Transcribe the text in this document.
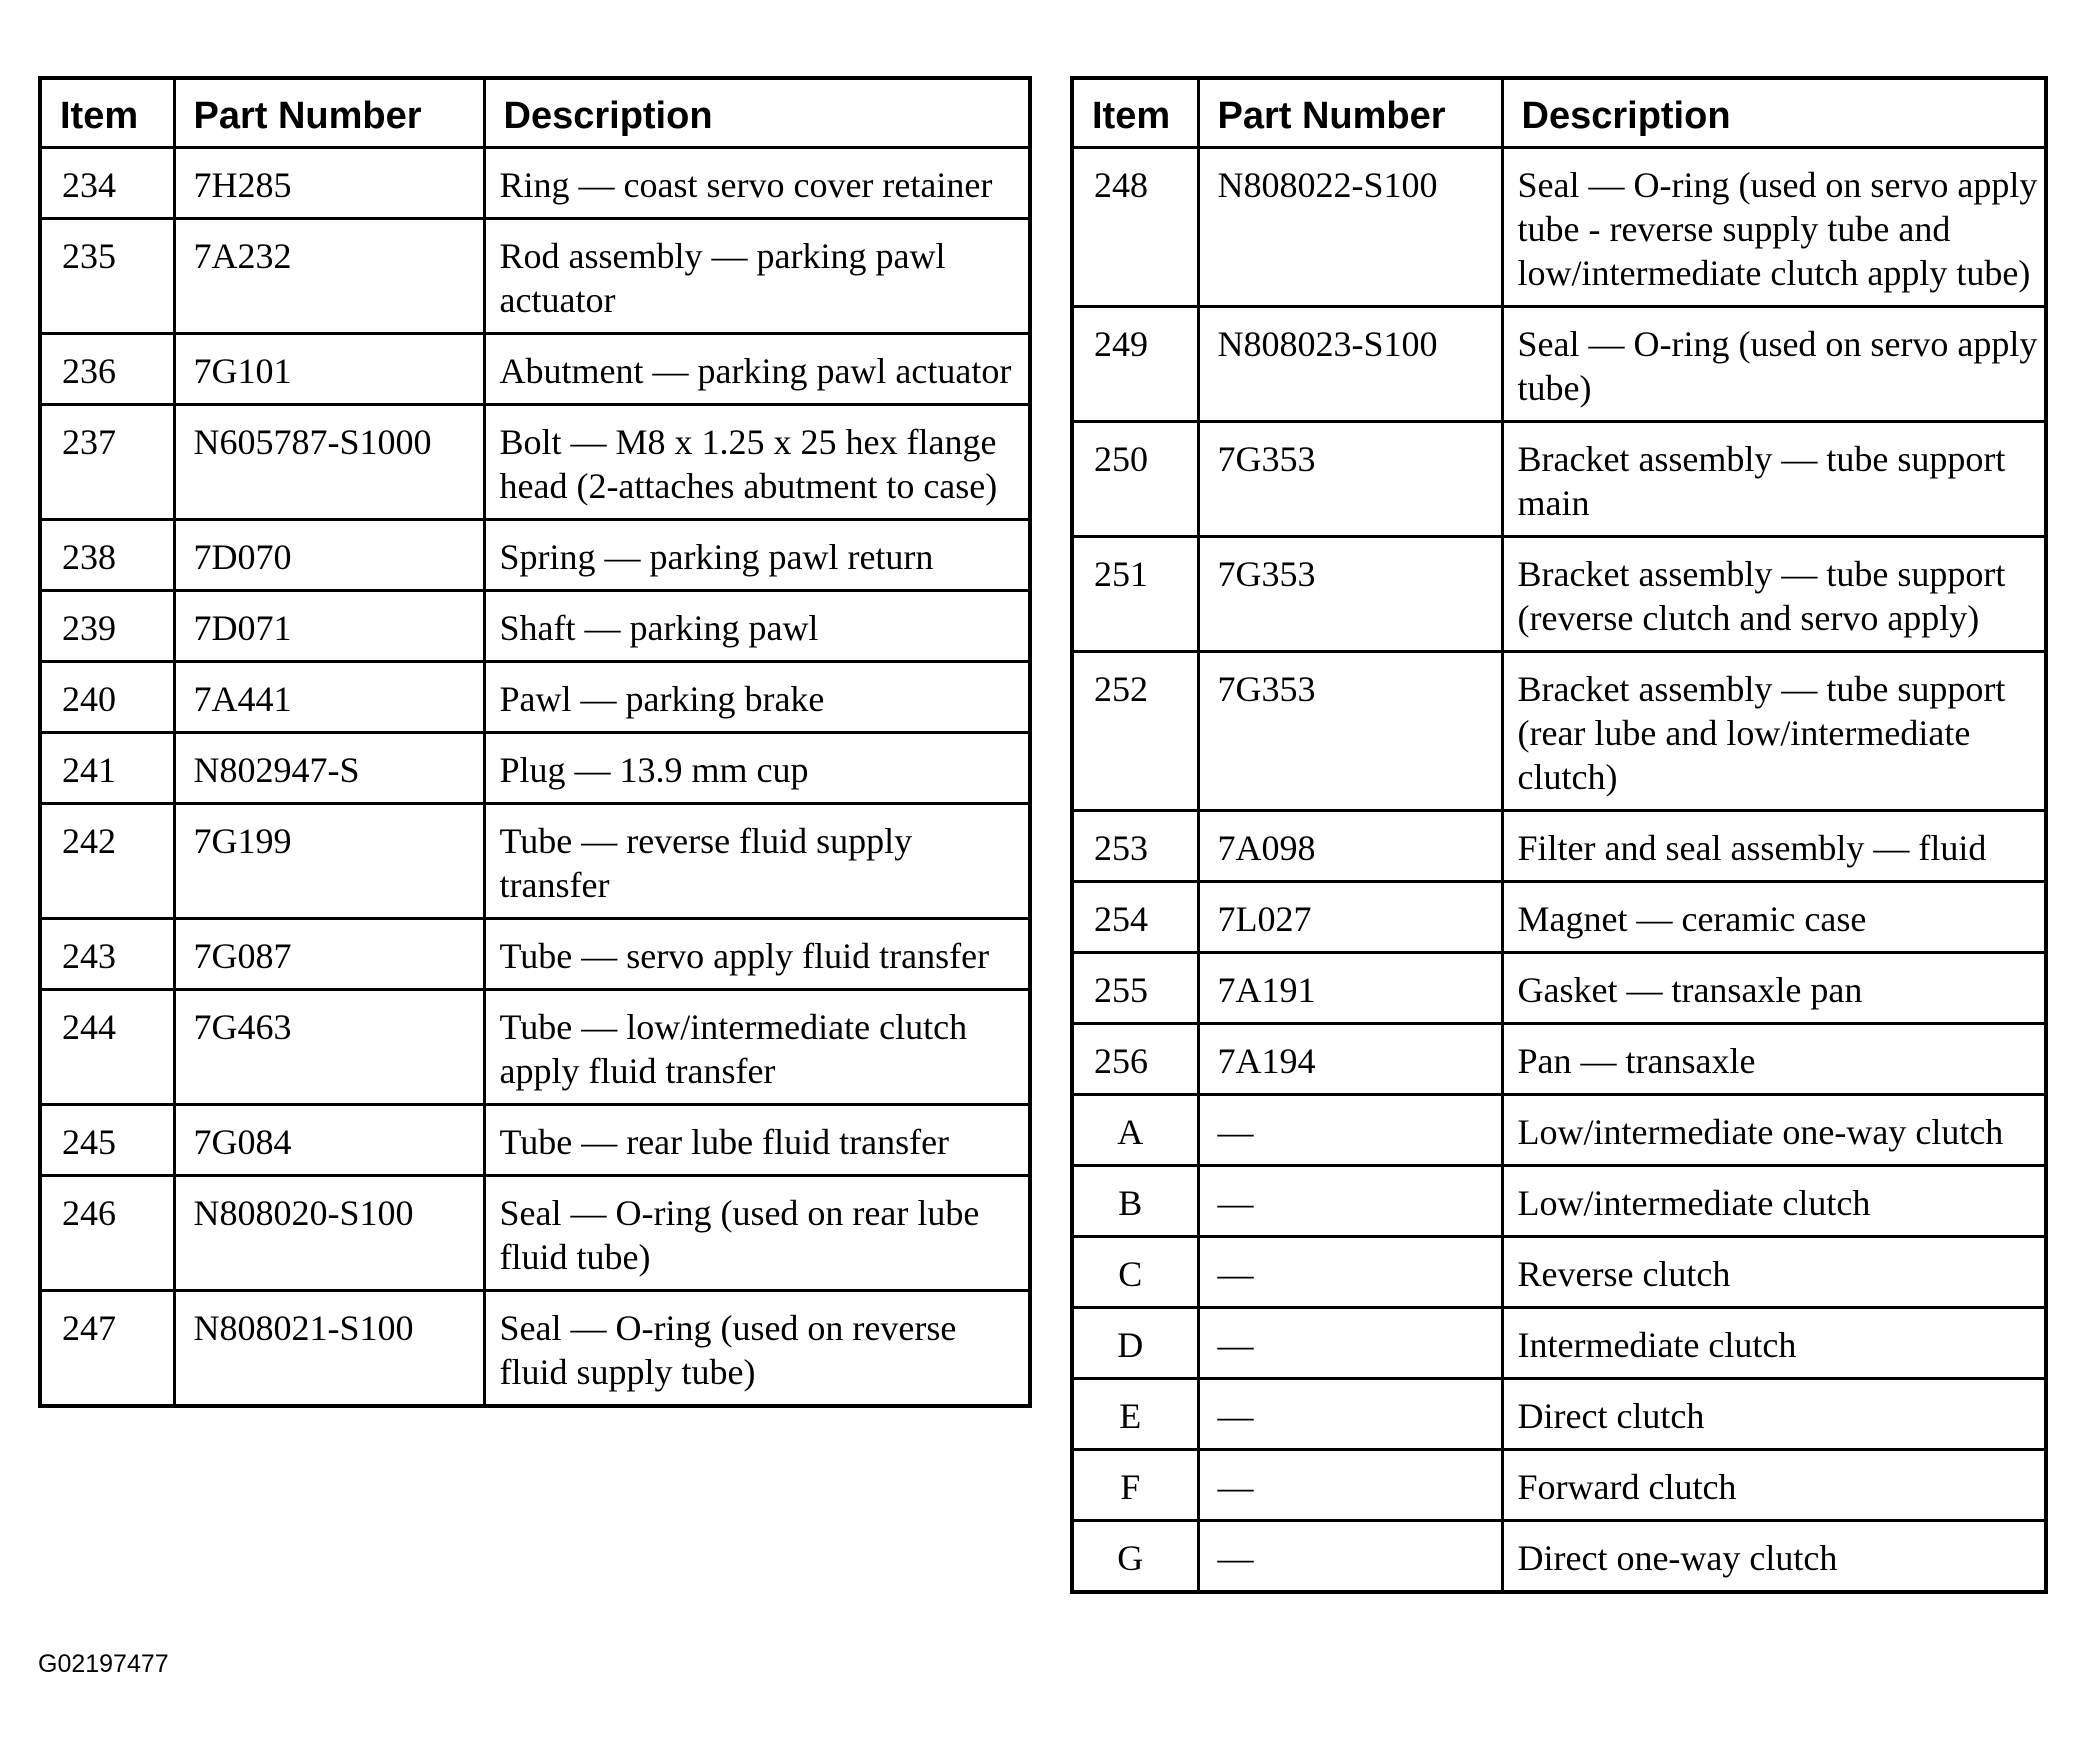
Item	Part Number	Description
234	7H285	Ring — coast servo cover retainer
235	7A232	Rod assembly — parking pawl actuator
236	7G101	Abutment — parking pawl actuator
237	N605787-S1000	Bolt — M8 x 1.25 x 25 hex flange head (2-attaches abutment to case)
238	7D070	Spring — parking pawl return
239	7D071	Shaft — parking pawl
240	7A441	Pawl — parking brake
241	N802947-S	Plug — 13.9 mm cup
242	7G199	Tube — reverse fluid supply transfer
243	7G087	Tube — servo apply fluid transfer
244	7G463	Tube — low/intermediate clutch apply fluid transfer
245	7G084	Tube — rear lube fluid transfer
246	N808020-S100	Seal — O-ring (used on rear lube fluid tube)
247	N808021-S100	Seal — O-ring (used on reverse fluid supply tube)
Item	Part Number	Description
248	N808022-S100	Seal — O-ring (used on servo apply tube - reverse supply tube and low/intermediate clutch apply tube)
249	N808023-S100	Seal — O-ring (used on servo apply tube)
250	7G353	Bracket assembly — tube support main
251	7G353	Bracket assembly — tube support (reverse clutch and servo apply)
252	7G353	Bracket assembly — tube support (rear lube and low/intermediate clutch)
253	7A098	Filter and seal assembly — fluid
254	7L027	Magnet — ceramic case
255	7A191	Gasket — transaxle pan
256	7A194	Pan — transaxle
A	—	Low/intermediate one-way clutch
B	—	Low/intermediate clutch
C	—	Reverse clutch
D	—	Intermediate clutch
E	—	Direct clutch
F	—	Forward clutch
G	—	Direct one-way clutch
G02197477
